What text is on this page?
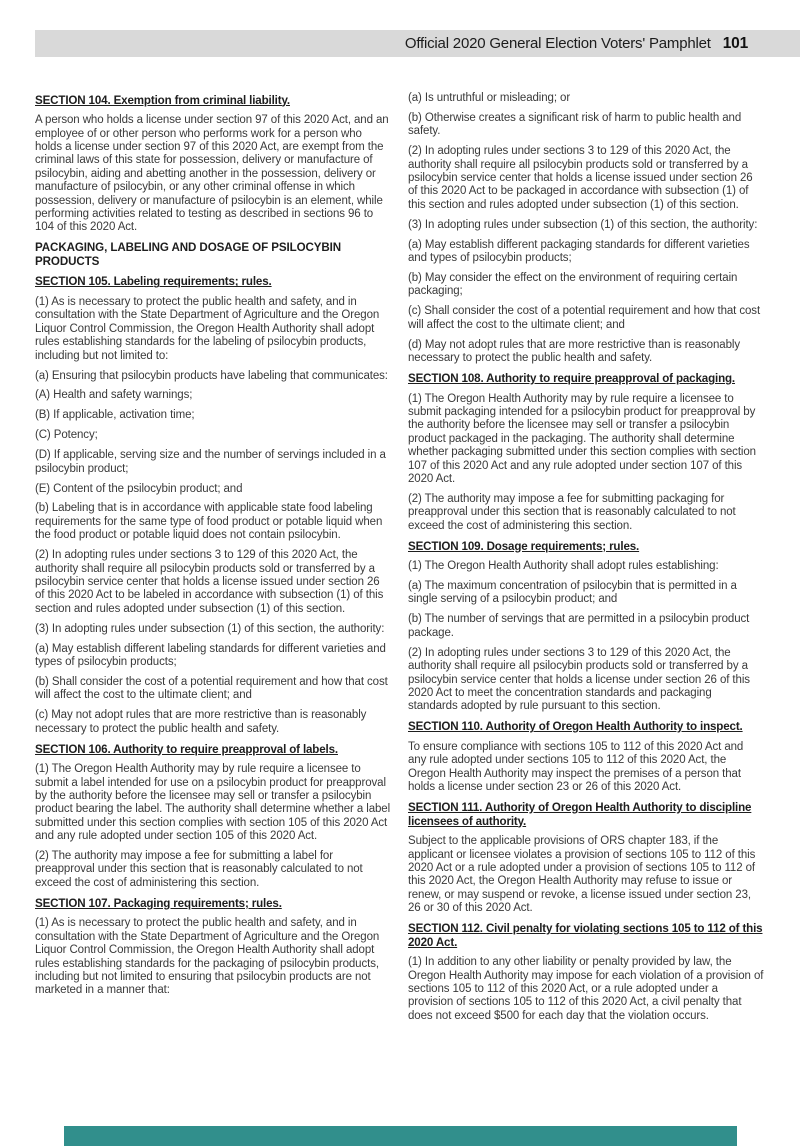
Official 2020 General Election Voters' Pamphlet 101
SECTION 104. Exemption from criminal liability.

A person who holds a license under section 97 of this 2020 Act, and an employee of or other person who performs work for a person who holds a license under section 97 of this 2020 Act, are exempt from the criminal laws of this state for possession, delivery or manufacture of psilocybin, aiding and abetting another in the possession, delivery or manufacture of psilocybin, or any other criminal offense in which possession, delivery or manufacture of psilocybin is an element, while performing activities related to testing as described in sections 96 to 104 of this 2020 Act.

PACKAGING, LABELING AND DOSAGE OF PSILOCYBIN PRODUCTS
SECTION 105. Labeling requirements; rules.

(1) As is necessary to protect the public health and safety, and in consultation with the State Department of Agriculture and the Oregon Liquor Control Commission, the Oregon Health Authority shall adopt rules establishing standards for the labeling of psilocybin products, including but not limited to:

(a) Ensuring that psilocybin products have labeling that communicates:

(A) Health and safety warnings;

(B) If applicable, activation time;

(C) Potency;

(D) If applicable, serving size and the number of servings included in a psilocybin product;

(E) Content of the psilocybin product; and

(b) Labeling that is in accordance with applicable state food labeling requirements for the same type of food product or potable liquid when the food product or potable liquid does not contain psilocybin.

(2) In adopting rules under sections 3 to 129 of this 2020 Act, the authority shall require all psilocybin products sold or transferred by a psilocybin service center that holds a license issued under section 26 of this 2020 Act to be labeled in accordance with subsection (1) of this section and rules adopted under subsection (1) of this section.

(3) In adopting rules under subsection (1) of this section, the authority:

(a) May establish different labeling standards for different varieties and types of psilocybin products;

(b) Shall consider the cost of a potential requirement and how that cost will affect the cost to the ultimate client; and

(c) May not adopt rules that are more restrictive than is reasonably necessary to protect the public health and safety.

SECTION 106. Authority to require preapproval of labels.

(1) The Oregon Health Authority may by rule require a licensee to submit a label intended for use on a psilocybin product for preapproval by the authority before the licensee may sell or transfer a psilocybin product bearing the label. The authority shall determine whether a label submitted under this section complies with section 105 of this 2020 Act and any rule adopted under section 105 of this 2020 Act.

(2) The authority may impose a fee for submitting a label for preapproval under this section that is reasonably calculated to not exceed the cost of administering this section.

SECTION 107. Packaging requirements; rules.

(1) As is necessary to protect the public health and safety, and in consultation with the State Department of Agriculture and the Oregon Liquor Control Commission, the Oregon Health Authority shall adopt rules establishing standards for the packaging of psilocybin products, including but not limited to ensuring that psilocybin products are not marketed in a manner that:

(a) Is untruthful or misleading; or

(b) Otherwise creates a significant risk of harm to public health and safety.

(2) In adopting rules under sections 3 to 129 of this 2020 Act, the authority shall require all psilocybin products sold or transferred by a psilocybin service center that holds a license issued under section 26 of this 2020 Act to be packaged in accordance with subsection (1) of this section and rules adopted under subsection (1) of this section.

(3) In adopting rules under subsection (1) of this section, the authority:

(a) May establish different packaging standards for different varieties and types of psilocybin products;

(b) May consider the effect on the environment of requiring certain packaging;

(c) Shall consider the cost of a potential requirement and how that cost will affect the cost to the ultimate client; and

(d) May not adopt rules that are more restrictive than is reasonably necessary to protect the public health and safety.

SECTION 108. Authority to require preapproval of packaging.

(1) The Oregon Health Authority may by rule require a licensee to submit packaging intended for a psilocybin product for preapproval by the authority before the licensee may sell or transfer a psilocybin product packaged in the packaging. The authority shall determine whether packaging submitted under this section complies with section 107 of this 2020 Act and any rule adopted under section 107 of this 2020 Act.

(2) The authority may impose a fee for submitting packaging for preapproval under this section that is reasonably calculated to not exceed the cost of administering this section.

SECTION 109. Dosage requirements; rules.

(1) The Oregon Health Authority shall adopt rules establishing:

(a) The maximum concentration of psilocybin that is permitted in a single serving of a psilocybin product; and

(b) The number of servings that are permitted in a psilocybin product package.

(2) In adopting rules under sections 3 to 129 of this 2020 Act, the authority shall require all psilocybin products sold or transferred by a psilocybin service center that holds a license under section 26 of this 2020 Act to meet the concentration standards and packaging standards adopted by rule pursuant to this section.

SECTION 110. Authority of Oregon Health Authority to inspect.

To ensure compliance with sections 105 to 112 of this 2020 Act and any rule adopted under sections 105 to 112 of this 2020 Act, the Oregon Health Authority may inspect the premises of a person that holds a license under section 23 or 26 of this 2020 Act.

SECTION 111. Authority of Oregon Health Authority to discipline licensees of authority.

Subject to the applicable provisions of ORS chapter 183, if the applicant or licensee violates a provision of sections 105 to 112 of this 2020 Act or a rule adopted under a provision of sections 105 to 112 of this 2020 Act, the Oregon Health Authority may refuse to issue or renew, or may suspend or revoke, a license issued under section 23, 26 or 30 of this 2020 Act.

SECTION 112. Civil penalty for violating sections 105 to 112 of this 2020 Act.

(1) In addition to any other liability or penalty provided by law, the Oregon Health Authority may impose for each violation of a provision of sections 105 to 112 of this 2020 Act, or a rule adopted under a provision of sections 105 to 112 of this 2020 Act, a civil penalty that does not exceed $500 for each day that the violation occurs.
